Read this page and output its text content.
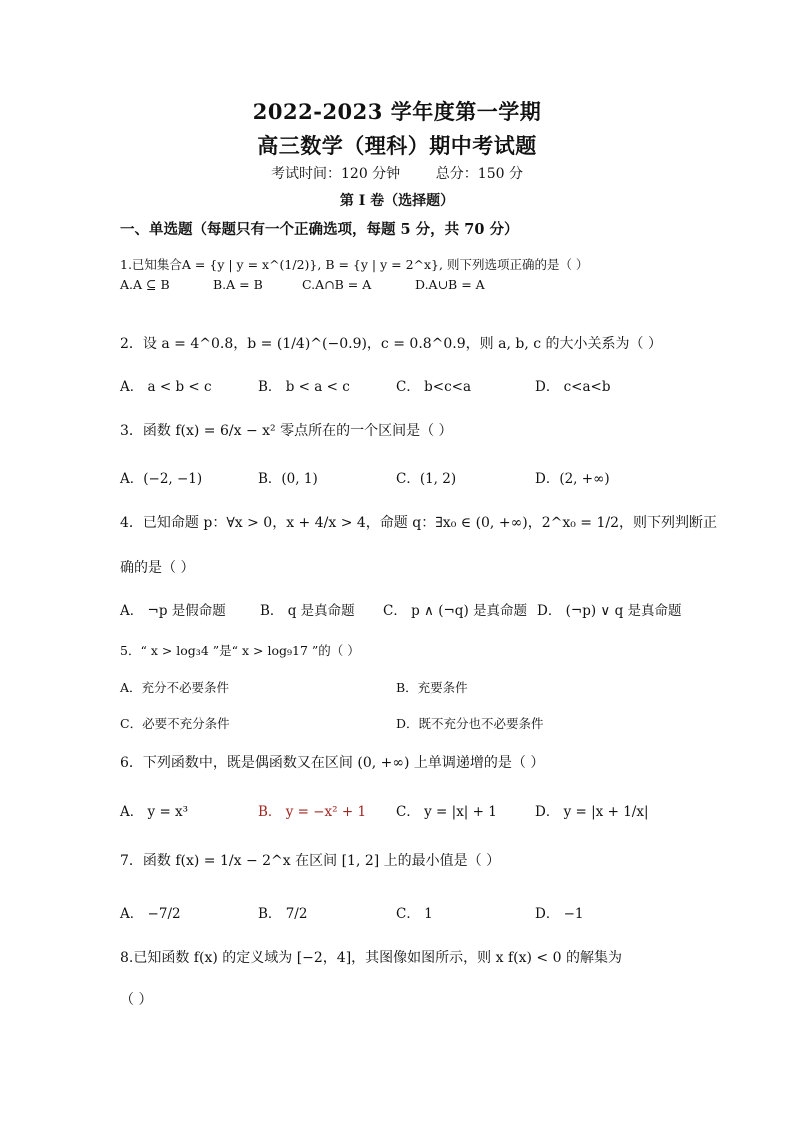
2022-2023 学年度第一学期
高三数学（理科）期中考试题
考试时间：120 分钟        总分：150 分
第 I 卷（选择题）
一、单选题（每题只有一个正确选项，每题 5 分，共 70 分）
1.已知集合A = {y | y = x^(1/2)}, B = {y | y = 2^x}, 则下列选项正确的是（ ）
A.A ⊆ B	B.A = B	C.A∩B = A	D.A∪B = A
2．设 a = 4^0.8，b = (1/4)^(−0.9)，c = 0.8^0.9，则 a, b, c 的大小关系为（ ）
A． a < b < c	B． b < a < c	C． b<c<a	D． c<a<b
3．函数 f(x) = 6/x − x² 零点所在的一个区间是（ ）
A．(−2, −1)	B．(0, 1)	C．(1, 2)	D．(2, +∞)
4．已知命题 p：∀x > 0，x + 4/x > 4，命题 q：∃x₀ ∈ (0, +∞)，2^x₀ = 1/2，则下列判断正
确的是（ ）
A． ¬p 是假命题	B． q 是真命题 C． p ∧ (¬q) 是真命题 D． (¬p) ∨ q 是真命题
5．“ x > log₃4 ”是“ x > log₉17 ”的（ ）
A．充分不必要条件	B．充要条件
C．必要不充分条件	D．既不充分也不必要条件
6．下列函数中，既是偶函数又在区间 (0, +∞) 上单调递增的是（ ）
A． y = x³	B． y = −x² + 1 C． y = |x| + 1	D． y = |x + 1/x|
7．函数 f(x) = 1/x − 2^x 在区间 [1, 2] 上的最小值是（ ）
A． −7/2	B． 7/2	C． 1	D． −1
8.已知函数 f(x) 的定义域为 [−2，4]，其图像如图所示，则 x f(x) < 0 的解集为
（ ）
